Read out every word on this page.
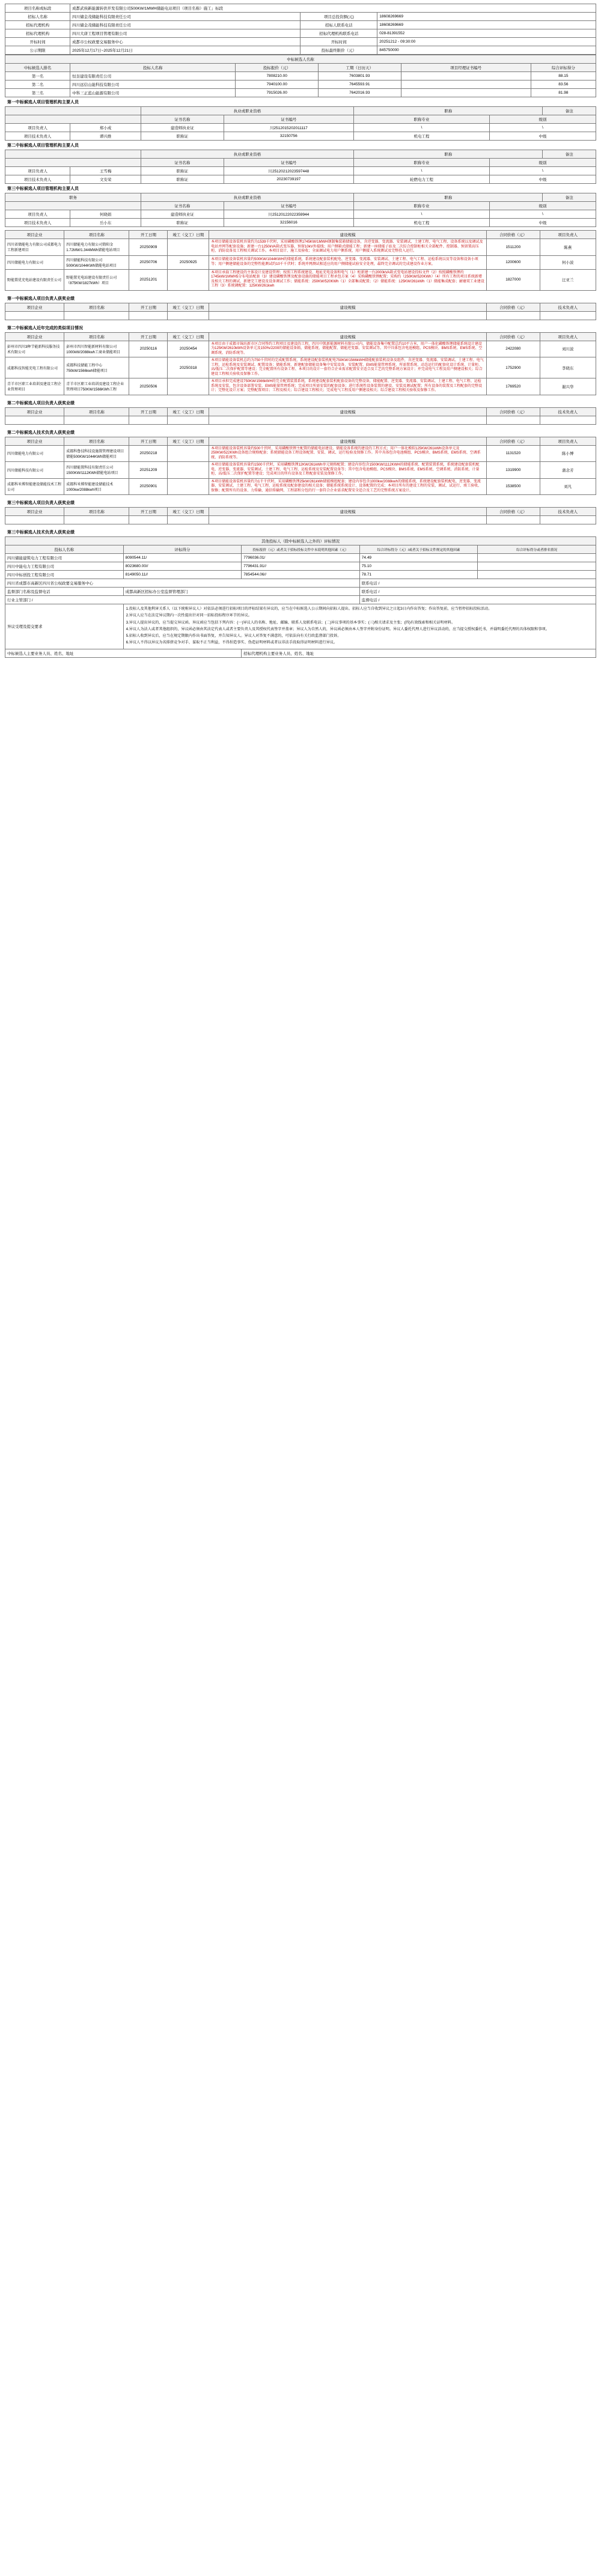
项目名称或标段	成都武侯新能源转供开发有限公司500KW/1MWH储能电站项目（项目名称）施工」标段		
招标人名称	四川储金茂储能科技有限责任公司	项目总投资额(元)	18608269669
招标代理机构	四川储金茂储能科技有限责任公司	招标人联系电话	18608269669
招标代理机构	四川大唐工程项目管理有限公司	招标代理机构联系电话	028-81391552
开标时间	成都市公权政要交易服务中心	开标时间	20251212 - 09:30:00
公示期限	2025年12月17日~2025年12月21日	投标最终限价（元）	845750000
中标候选人名称					
中标候选人排名	投标人名称	投标报价（元）	工期（日历天）	项目经理证书编号	综合评标得分
第一名	恒奎建设有限责任公司	7808210.00	7603801.93		88.15
第二名	四川远信山能科技有限公司	7940100.00	7645593.91		83.56
第三名	中科三正蓝山能源有限公司	7915026.00	7642016.93		81.98
第一中标候选人项目管理机构主要人员
		执业或职业资格		职称		备注
		证书名称	证书编号	职称专业	级别	
项目负责人	郑小成	建造师执业证	川2512015202011117	\	\	
项目技术负责人	谭兴维	职称证	32150756	机电工程	中级	
第二中标候选人项目管理机构主要人员
		执业或职业资格		职称		备注
		证书名称	证书编号	职称专业	级别	
项目负责人	王雪梅	职称证	川25120212023597448	\	\	
项目技术负责人	文安荣	职称证	20230739197	轮燃电力工程	中级	
第三中标候选人项目管理机构主要人员
职务		执业或职业资格		职称		备注
		证书名称	证书编号	职称专业	级别	
项目负责人	何晓娟	建造师执业证	川25120122022359944	\	\	
项目技术负责人	岳小东	职称证	32156016	机电工程	中级	
项目企业	项目名称	开工日期	竣工（交工）日期	建设规模	合同价格（元）	项目负责人
四川省储能电力有限公司成都电力工程新建项目	四川储能电力有限公司简阳金1.72MW/1.344MWh储能电站项目	20250909		本项目储能设备装机容量约为1539千伏时，采用磷酸铁锂1745KW/1MWH钢制集装箱储能设备，含逆变器、变流器、安装调试、土建工程、电气工程、设备系统以及调试及电站并网等配套设施；新建一台1250kVA箱式变压器，预留10kV外接线；用户侧箱式储能工程；新建一座储能子站及二次综合控制柜相关全部配件、控制器、预留置高压柜、消防设备及工程相关调试工作。本项目设计、施工及验收；全面调试电力用户侧系统，用户侧接入系统测试及完整投入运行。	1511200	陈燕
四川储能电力有限公司	四川储能科技有限公司500KW/1044KWh储能电站项目	20250706	20250925	本项目储能设备装机容量约500KW/1044KWH的储能系统，系统建设配套装机配电、逆变器、变流器、安装调试、土建工程、电气工程、运检系统以及等设备和设备小项等；用户侧建储能设备的完整性能测试约10千千伏时；系统并网测试相适应的用户侧储能试验安全处理，最终完全调试的完成建设作业方案。	1200600	何小波
野能置优充电站建设有限责任公司	野能置充电站建设有限责任公司（875KW/1827kWh）项目	20251201		本项目承载工程建设的主体设计及建设管理；按照工程系统建设、地址充电设备和电气（1）柜新建一台2000kVA箱式变电站建设投标文件（2）按照磷酸铁锂约1745kW/1MWH5分布电站配套（3）建设磷酸铁锂及配套设施的储能项目工程承包方案（4）采购磷酸铁锂配置；采购约（250KW/520KWh）（4）所有工程的项目系统新增及相关工程的调试、新建完工建设及设备调试工作；储能系统：250KW/520KWh（1）全部集成配置；（2）储能系统：125KW/261kWh（1）储能集成配套；耐磨双工业建设工程（3）系统调配置：125KW/261kwh	1827000	汪亚兰
第一中标候选人项目负责人获奖业绩
项目企业	项目名称	开工日期	竣工（交工）日期	建设规模	合同价格（元）	技术负责人

第二中标候选人近年完成的类似项目情况
项目企业	项目名称	开工日期	竣工（交工）日期	建设规模	合同价格（元）	项目负责人
彭州市四川3种节能新科技服务技术有限公司	彭州市四川智能新材料有限公司1000kW/2088kwh工商业储能项目	20250116	20250454	本项目由于成都市锦坊新市区合同签约工程项目及建设的工程，四川中凯新能源材料有限公司内，储能设备集中配置总约10平方米，用户一体化磷酸铁锂储能系统设计建设为125KW/2610kWh设备单元及150%/2200的储能设备箱，储能系统、储能配置、储能逆变器、安装调试等。其中具体包含电池模组、PCS模块、BMS系统、EMS系统、空调系统、消防系统等。	2422080	刘川波
成都科技智能充电工程有限公司	成都科技储能工程中心750kW/1566kwh储能项目		20250318	本项目储能设备装机总约为750千伏时的完成配置系统，系统建设配套装机配电750KW/1566kWH储能配套装机设备及组件，含逆变器、变流器、安装调试、土建工程、电气工程、运检系统及安装调试、配置设备；储能系统、新建配套储能设备集中安装设备、安装配置、EMS能量管理系统、所需置系统、动态运行的配套化设计系统、计量柜、高/低压二次保护配置等建设；完全配置所有设备工程、本项目的设计一套符合企业需求配置安全适合及工艺的完整系统方案设计；并完成电气工程及用户侧建设相关；综合建设工程相关验收及保修工作。	1752900	李晓东
青羊市区职工业培训及建设工程企业管理项目	青羊市区职工业培训及建设工程企业管理项目750KW/1566KWh工程	20250506		本项目承担完成建设750KW/1566kWH的完全配置装置系统，系统建设配套装机配套设备的完整设备，储能配置、逆变器、变流器、安装调试、土建工程、电气工程、运检系统及安装，包含设备部署安装、EMS能量管理系统；完成项目所需安装的配套设备；进行系统性设备装置的建设、安装及调试配置；所有设备的装置及工程配套的完整设计；完整化设计方案；完整配置项目；工程及相关；综合建设工程相关；完成电气工程及用户侧建设相关；综合建设工程相关验收及保修工作。	1769520	谢兴华
第二中标候选人项目负责人获奖业绩
项目企业	项目名称	开工日期	竣工（交工）日期	建设规模	合同价格（元）	技术负责人

第二中标候选人技术负责人获奖业绩
项目企业	项目名称	开工日期	竣工（交工）日期	建设规模	合同价格（元）	项目负责人
四川储能电力有限公司	成都科鲁技科技设施置管理建设项目储能500KW/1044KWh储能项目	20250218		本项目储能设备装机容量约500千伏时，采用磷酸铁锂主配置的储能电站建设。储能设备系统的建设的工程方式；用户一体化模拟125KW/261kWh设备单元及250KW/522KWh设备组合规格配套；系统储能设备工程设备配置、安装、调试、运行检验及保修工作。其中具体包含电池模组、PCS模块、BMS系统、EMS系统、空调系统、消防系统等。	1131520	陈小博
四川储能科技有限公司	四川储能置科技有限责任公司1500KW/1112KWh储能电站项目	20251209		本项目储能设备装机容量约1500千伏时，采用磷酸铁锂12KW/261kWh单元规格配置；建设内容包含1500KW/1112KWH的储能系统、配置装置系统，系统建设配套装机配电、逆变器、变流器、安装调试、土建工程、电气工程、运检系统及安装配置设备等；其中包含电池模组、PCS模块、BMS系统、EMS系统、空调系统、消防系统、计量柜、高/低压二次保护配置等建设；完成项目的所有设备及工程配套安装及保修工作。	1319900	蒲念芳
成都科米博智能建设储能技术工程公司	成都科米博智能建设储能技术1000kw/2088kwh项目	20250901		本项目储能设备装机容量约为1千千伏时，采用磷酸铁锂25kW/261kWh储能模组配套；建设内容包含1000kw/2088kwh的储能系统，系统建设配套装机配电、逆变器、变流器、安装调试、土建工程、电气工程、运检系统及配套建设的相关设备；储能系统系统设计、设备配置的完成；本项目所有的建设工程的安装、调试、试运行、竣工验收、保修；配置所有的设备、力传输、通信传输网、工程部和分包的行一套符合企业需求配置安全适合及工艺的完整系统方案设计。	1538500	刘凡
第三中标候选人项目负责人获奖业绩
项目企业	项目名称	开工日期	竣工（交工）日期	建设规模	合同价格（元）	技术负责人

第三中标候选人技术负责人获奖业绩
其他投标人（除中标候选人之外的）评标情况				
投标人名称	评标得分	投标报价（元）或者关于招标投标文件中未说明其他因素（元）	综合评标得分（元）/或者关于招标文件规定的其他因素	综合评标得分或者排名情况
四川储能建筑电力工程有限公司	8090544.11/	7796036.01/	74.49	
四川中能电力工程有限公司	8023680.00//	7796431.91//	75.10	
四川中标创投工程有限公司	8149050.11//	7854544.06//	78.71	
四川省成都市高新区四川省公权政要交易服务中心			联系电话 /	
监督部门名称及监督电话	成都高新区招标办公室监督管理部门		联系电话 /	
行业主管部门 /			监督电话 /	
异议受理及提交要求	

1.投标人及其他利害关系人（以下统称异议人）对依法必须进行招标项目的评标结果有异议的，应当在中标候选人公示期间向招标人提出。招标人应当自收到异议之日起3日内作出答复；作出答复前，应当暂停招标投标活动。

2.异议人应当在法定异议期内一次性提出针对同一招标投标程序环节的异议。

3.异议人提出异议的，应当提交异议函。异议函应当包括下列内容：(一)异议人的名称、地址、邮编、联系人及联系电话；(二)异议事项的基本事实；(三)相关请求及主张；(四)有效线索和相关证明材料。

4.异议人为法人或者其他组织的，异议函必须由其法定代表人或者主要负责人及其授权代表签字并盖章；异议人为自然人的，异议函必须由本人签字并附身份证明。异议人委托代理人进行异议活动的，应当提交授权委托书，并载明委托代理的具体权限和事项。

5.招标人收到异议后，应当在规定期限内作出书面答复，并告知异议人。异议人对答复不满意的，可依法向有关行政监督部门投诉。

6.异议人不得以异议为名排挤竞争对手、谋取不正当利益，不得捏造事实、伪造证明材料或者以非法手段取得证明材料进行异议。

中标候选人主要业务人员、姓名、地址		招标代理机构主要业务人员、姓名、地址		
